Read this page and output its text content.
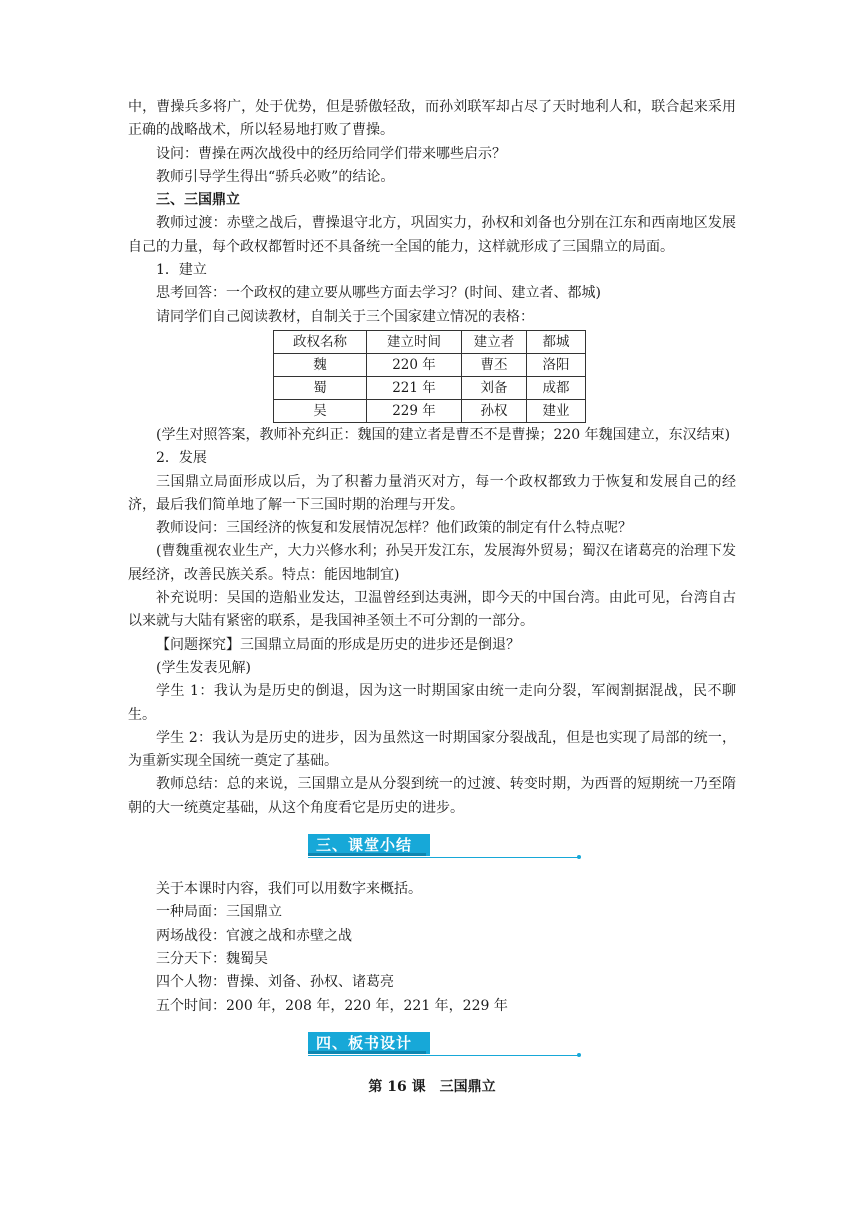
中，曹操兵多将广，处于优势，但是骄傲轻敌，而孙刘联军却占尽了天时地利人和，联合起来采用正确的战略战术，所以轻易地打败了曹操。

设问：曹操在两次战役中的经历给同学们带来哪些启示？

教师引导学生得出“骄兵必败”的结论。

三、三国鼎立

教师过渡：赤壁之战后，曹操退守北方，巩固实力，孙权和刘备也分别在江东和西南地区发展自己的力量，每个政权都暂时还不具备统一全国的能力，这样就形成了三国鼎立的局面。

1．建立

思考回答：一个政权的建立要从哪些方面去学习？(时间、建立者、都城)

请同学们自己阅读教材，自制关于三个国家建立情况的表格：

政权名称	建立时间	建立者	都城
魏	220 年	曹丕	洛阳
蜀	221 年	刘备	成都
吴	229 年	孙权	建业

(学生对照答案，教师补充纠正：魏国的建立者是曹丕不是曹操；220 年魏国建立，东汉结束)

2．发展

三国鼎立局面形成以后，为了积蓄力量消灭对方，每一个政权都致力于恢复和发展自己的经济，最后我们简单地了解一下三国时期的治理与开发。

教师设问：三国经济的恢复和发展情况怎样？他们政策的制定有什么特点呢？

(曹魏重视农业生产，大力兴修水利；孙吴开发江东，发展海外贸易；蜀汉在诸葛亮的治理下发展经济，改善民族关系。特点：能因地制宜)

补充说明：吴国的造船业发达，卫温曾经到达夷洲，即今天的中国台湾。由此可见，台湾自古以来就与大陆有紧密的联系，是我国神圣领土不可分割的一部分。

【问题探究】三国鼎立局面的形成是历史的进步还是倒退？

(学生发表见解)

学生 1：我认为是历史的倒退，因为这一时期国家由统一走向分裂，军阀割据混战，民不聊生。

学生 2：我认为是历史的进步，因为虽然这一时期国家分裂战乱，但是也实现了局部的统一，为重新实现全国统一奠定了基础。

教师总结：总的来说，三国鼎立是从分裂到统一的过渡、转变时期，为西晋的短期统一乃至隋朝的大一统奠定基础，从这个角度看它是历史的进步。

三、课堂小结

关于本课时内容，我们可以用数字来概括。

一种局面：三国鼎立

两场战役：官渡之战和赤壁之战

三分天下：魏蜀吴

四个人物：曹操、刘备、孙权、诸葛亮

五个时间：200 年，208 年，220 年，221 年，229 年

四、板书设计

第 16 课　三国鼎立
